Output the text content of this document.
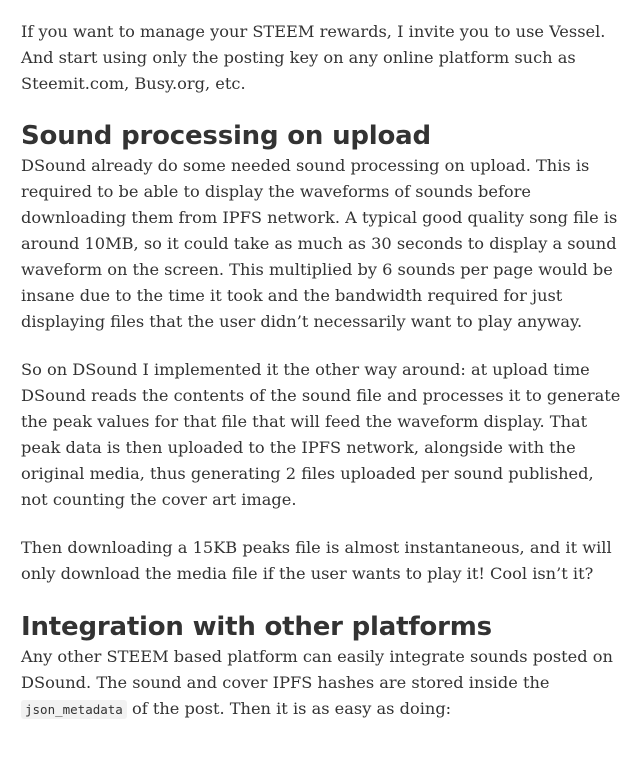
If you want to manage your STEEM rewards, I invite you to use Vessel. And start using only the posting key on any online platform such as Steemit.com, Busy.org, etc.

Sound processing on upload

DSound already do some needed sound processing on upload. This is required to be able to display the waveforms of sounds before downloading them from IPFS network. A typical good quality song file is around 10MB, so it could take as much as 30 seconds to display a sound waveform on the screen. This multiplied by 6 sounds per page would be insane due to the time it took and the bandwidth required for just displaying files that the user didn’t necessarily want to play anyway.

So on DSound I implemented it the other way around: at upload time DSound reads the contents of the sound file and processes it to generate the peak values for that file that will feed the waveform display. That peak data is then uploaded to the IPFS network, alongside with the original media, thus generating 2 files uploaded per sound published, not counting the cover art image.

Then downloading a 15KB peaks file is almost instantaneous, and it will only download the media file if the user wants to play it! Cool isn’t it?

Integration with other platforms

Any other STEEM based platform can easily integrate sounds posted on DSound. The sound and cover IPFS hashes are stored inside the json_metadata of the post. Then it is as easy as doing:
